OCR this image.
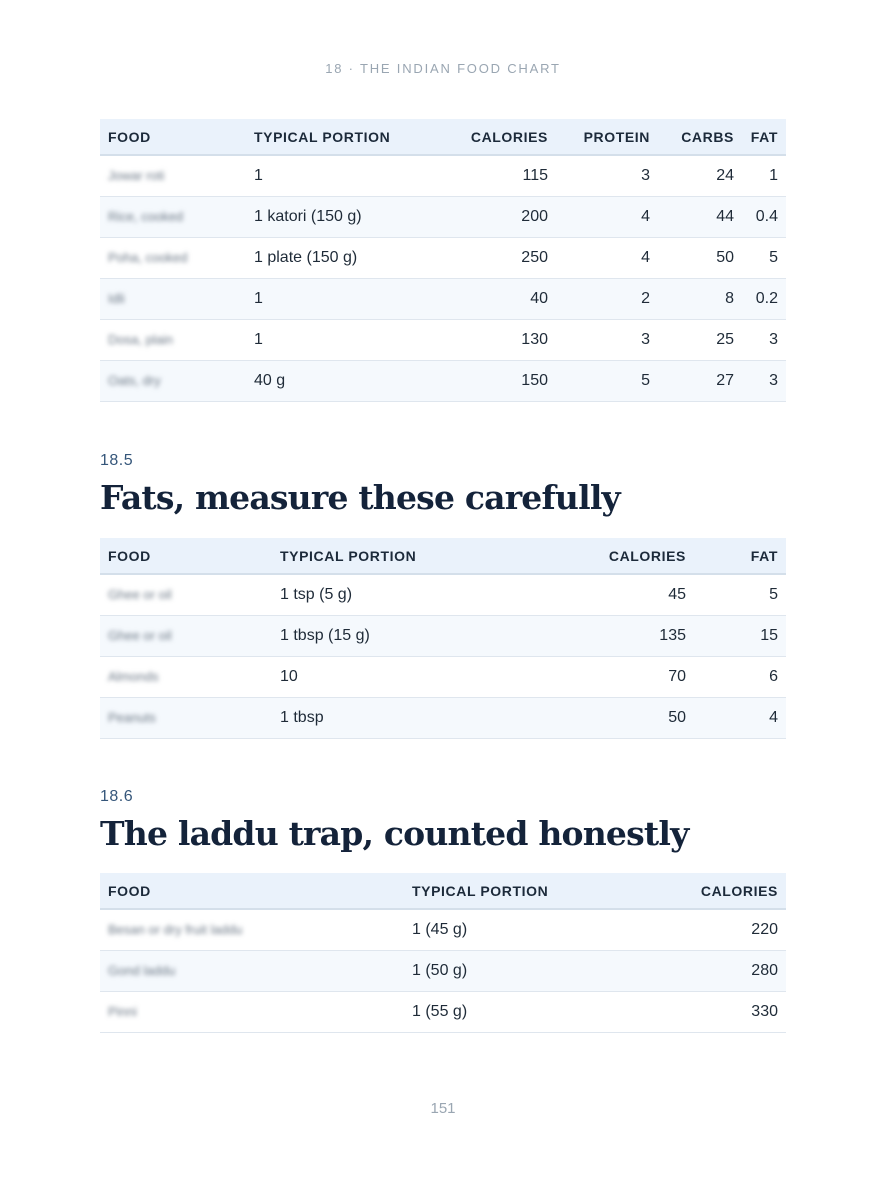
18 · THE INDIAN FOOD CHART
FOOD	TYPICAL PORTION	CALORIES	PROTEIN	CARBS	FAT
Jowar roti	1	115	3	24	1
Rice, cooked	1 katori (150 g)	200	4	44	0.4
Poha, cooked	1 plate (150 g)	250	4	50	5
Idli	1	40	2	8	0.2
Dosa, plain	1	130	3	25	3
Oats, dry	40 g	150	5	27	3
18.5
Fats, measure these carefully
FOOD	TYPICAL PORTION	CALORIES	FAT
Ghee or oil	1 tsp (5 g)	45	5
Ghee or oil	1 tbsp (15 g)	135	15
Almonds	10	70	6
Peanuts	1 tbsp	50	4
18.6
The laddu trap, counted honestly
FOOD	TYPICAL PORTION	CALORIES
Besan or dry fruit laddu	1 (45 g)	220
Gond laddu	1 (50 g)	280
Pinni	1 (55 g)	330
151
